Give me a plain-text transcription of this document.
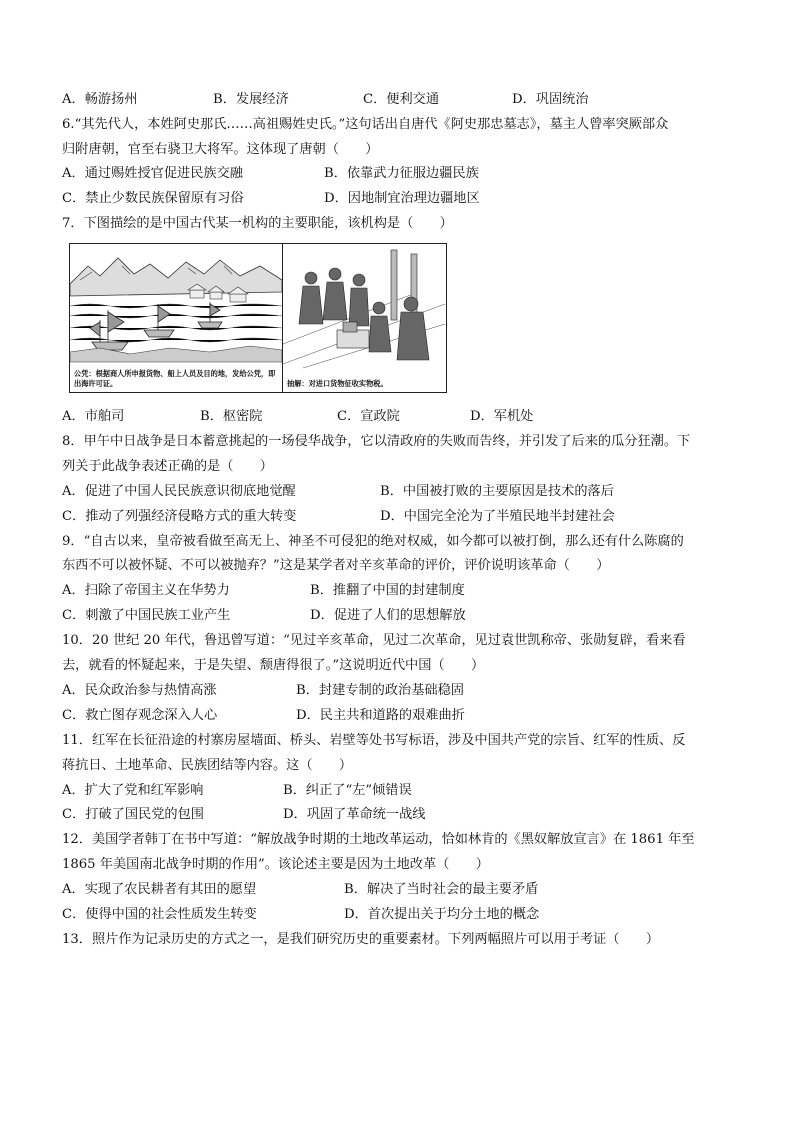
A．畅游扬州	B．发展经济	C．便利交通	D．巩固统治
6.“其先代人，本姓阿史那氏……高祖赐姓史氏。”这句话出自唐代《阿史那忠墓志》，墓主人曾率突厥部众
归附唐朝，官至右骁卫大将军。这体现了唐朝（　　）
A．通过赐姓授官促进民族交融	B．依靠武力征服边疆民族
C．禁止少数民族保留原有习俗	D．因地制宜治理边疆地区
7．下图描绘的是中国古代某一机构的主要职能，该机构是（　　）
公凭：根据商人所申报货物、船上人员及目的地，发给公凭，即出海许可证。	抽解：对进口货物征收实物税。
A．市舶司	B．枢密院	C．宣政院	D．军机处
8．甲午中日战争是日本蓄意挑起的一场侵华战争，它以清政府的失败而告终，并引发了后来的瓜分狂潮。下
列关于此战争表述正确的是（　　）
A．促进了中国人民民族意识彻底地觉醒	B．中国被打败的主要原因是技术的落后
C．推动了列强经济侵略方式的重大转变	D．中国完全沦为了半殖民地半封建社会
9．“自古以来，皇帝被看做至高无上、神圣不可侵犯的绝对权威，如今都可以被打倒，那么还有什么陈腐的
东西不可以被怀疑、不可以被抛弃？”这是某学者对辛亥革命的评价，评价说明该革命（　　）
A．扫除了帝国主义在华势力	B．推翻了中国的封建制度
C．刺激了中国民族工业产生	D．促进了人们的思想解放
10．20 世纪 20 年代，鲁迅曾写道：“见过辛亥革命，见过二次革命，见过袁世凯称帝、张勋复辟，看来看
去，就看的怀疑起来，于是失望、颓唐得很了。”这说明近代中国（　　）
A．民众政治参与热情高涨	B．封建专制的政治基础稳固
C．救亡图存观念深入人心	D．民主共和道路的艰难曲折
11．红军在长征沿途的村寨房屋墙面、桥头、岩壁等处书写标语，涉及中国共产党的宗旨、红军的性质、反
蒋抗日、土地革命、民族团结等内容。这（　　）
A．扩大了党和红军影响	B．纠正了“左”倾错误
C．打破了国民党的包围	D．巩固了革命统一战线
12．美国学者韩丁在书中写道：“解放战争时期的土地改革运动，恰如林肯的《黑奴解放宣言》在 1861 年至
1865 年美国南北战争时期的作用”。该论述主要是因为土地改革（　　）
A．实现了农民耕者有其田的愿望	B．解决了当时社会的最主要矛盾
C．使得中国的社会性质发生转变	D．首次提出关于均分土地的概念
13．照片作为记录历史的方式之一，是我们研究历史的重要素材。下列两幅照片可以用于考证（　　）
